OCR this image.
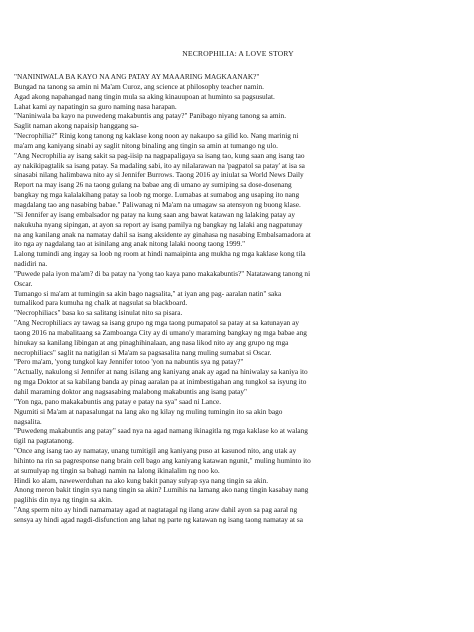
NECROPHILIA: A LOVE STORY
"NANINIWALA BA KAYO NA ANG PATAY AY MAAARING MAGKAANAK?"
Bungad na tanong sa amin ni Ma'am Curoz, ang science at philosophy teacher namin.
Agad akong napahangad nang tingin mula sa aking kinauupoan at huminto sa pagsusulat.
Lahat kami ay napatingin sa guro naming nasa harapan.
"Naniniwala ba kayo na puwedeng makabuntis ang patay?" Panibago niyang tanong sa amin.
Saglit naman akong napaisip hanggang sa-
"Necrophilia?" Rinig kong tanong ng kaklase kong noon ay nakaupo sa gilid ko. Nang marinig ni
ma'am ang kaniyang sinabi ay saglit nitong binaling ang tingin sa amin at tumango ng ulo.
"Ang Necrophilia ay isang sakit sa pag-iisip na nagpapaligaya sa isang tao, kung saan ang isang tao
ay nakikipagtalik sa isang patay. Sa madaling sabi, ito ay nilalarawan na 'pagpatol sa patay' at isa sa
sinasabi nilang halimbawa nito ay si Jennifer Burrows. Taong 2016 ay iniulat sa World News Daily
Report na may isang 26 na taong gulang na babae ang di umano ay sumiping sa dose-dosenang
bangkay ng mga kalalakihang patay sa loob ng morge. Lumabas at sumabog ang usaping ito nang
magdalang tao ang nasabing babae." Paliwanag ni Ma'am na umagaw sa atensyon ng buong klase.
"Si Jennifer ay isang embalsador ng patay na kung saan ang bawat katawan ng lalaking patay ay
nakukuha nyang sipingan, at ayon sa report ay isang pamilya ng bangkay ng lalaki ang nagpatunay
na ang kanilang anak na namatay dahil sa isang aksidente ay ginahasa ng nasabing Embalsamadora at
ito nga ay nagdalang tao at isinilang ang anak nitong lalaki noong taong 1999."
Lalong tumindi ang ingay sa loob ng room at hindi namaipinta ang mukha ng mga kaklase kong tila
nadidiri na.
"Puwede pala iyon ma'am? di ba patay na 'yong tao kaya pano makakabuntis?" Natatawang tanong ni
Oscar.
Tumango si ma'am at tumingin sa akin bago nagsalita," at iyan ang pag- aaralan natin" saka
tumalikod para kumuha ng chalk at nagsulat sa blackboard.
"Necrophiliacs" basa ko sa salitang isinulat nito sa pisara.
"Ang Necrophiliacs ay tawag sa isang grupo ng mga taong pumapatol sa patay at sa katunayan ay
taong 2016 na mabalitaang sa Zamboanga City ay di umano'y maraming bangkay ng mga babae ang
hinukay sa kanilang libingan at ang pinaghihinalaan, ang nasa likod nito ay ang grupo ng mga
necrophiliacs" saglit na natigilan si Ma'am sa pagsasalita nang muling sumabat si Oscar.
"Pero ma'am, 'yong tungkol kay Jennifer totoo 'yon na nabuntis sya ng patay?"
"Actually, nakulong si Jennifer at nang isilang ang kaniyang anak ay agad na hiniwalay sa kaniya ito
ng mga Doktor at sa kabilang banda ay pinag aaralan pa at inimbestigahan ang tungkol sa isyung ito
dahil maraming doktor ang nagsasabing malabong makabuntis ang isang patay"
"Yon nga, pano makakabuntis ang patay e patay na sya" saad ni Lance.
Ngumiti si Ma'am at napasalungat na lang ako ng kilay ng muling tumingin ito sa akin bago
nagsalita.
"Puwedeng makabuntis ang patay" saad nya na agad namang ikinagitla ng mga kaklase ko at walang
tigil na pagtatanong.
"Once ang isang tao ay namatay, unang tumitigil ang kaniyang puso at kasunod nito, ang utak ay
hihinto na rin sa pagresponse nang brain cell bago ang kaniyang katawan ngunit," muling huminto ito
at sumulyap ng tingin sa bahagi namin na lalong ikinalalim ng noo ko.
Hindi ko alam, nawewerduhan na ako kung bakit panay sulyap sya nang tingin sa akin.
Anong meron bakit tingin sya nang tingin sa akin? Lumihis na lamang ako nang tingin kasabay nang
paglihis din nya ng tingin sa akin.
"Ang sperm nito ay hindi namamatay agad at nagtatagal ng ilang araw dahil ayon sa pag aaral ng
sensya ay hindi agad nagdi-disfunction ang lahat ng parte ng katawan ng isang taong namatay at sa
